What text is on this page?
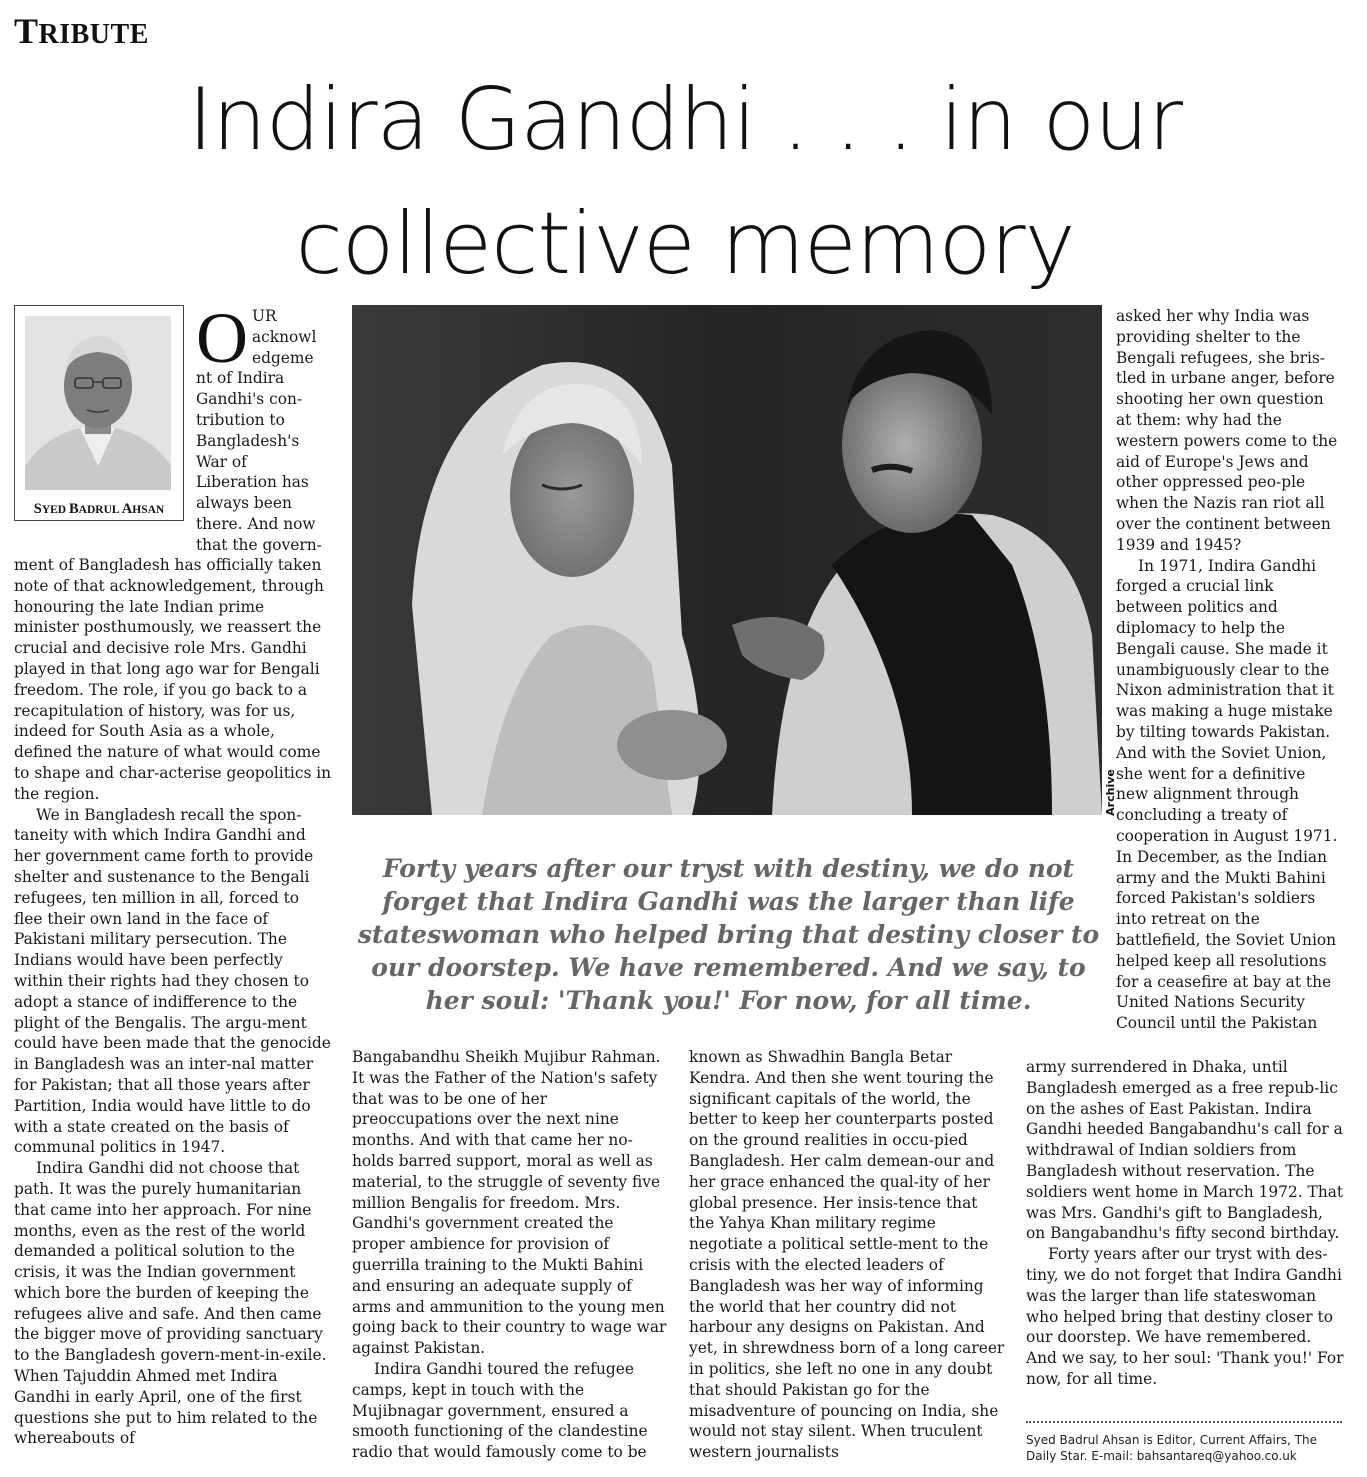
TRIBUTE
Indira Gandhi . . . in our
collective memory
SYED BADRUL AHSAN
O UR
acknowl
edgeme
nt of Indira
Gandhi's con-
tribution to
Bangladesh's
War of
Liberation has
always been
there. And now
that the govern-

ment of Bangladesh has officially taken note of that acknowledgement, through honouring the late Indian prime minister posthumously, we reassert the crucial and decisive role Mrs. Gandhi played in that long ago war for Bengali freedom. The role, if you go back to a recapitulation of history, was for us, indeed for South Asia as a whole, defined the nature of what would come to shape and char-acterise geopolitics in the region.

We in Bangladesh recall the spon-taneity with which Indira Gandhi and her government came forth to provide shelter and sustenance to the Bengali refugees, ten million in all, forced to flee their own land in the face of Pakistani military persecution. The Indians would have been perfectly within their rights had they chosen to adopt a stance of indifference to the plight of the Bengalis. The argu-ment could have been made that the genocide in Bangladesh was an inter-nal matter for Pakistan; that all those years after Partition, India would have little to do with a state created on the basis of communal politics in 1947.

Indira Gandhi did not choose that path. It was the purely humanitarian that came into her approach. For nine months, even as the rest of the world demanded a political solution to the crisis, it was the Indian government which bore the burden of keeping the refugees alive and safe. And then came the bigger move of providing sanctuary to the Bangladesh govern-ment-in-exile. When Tajuddin Ahmed met Indira Gandhi in early April, one of the first questions she put to him related to the whereabouts of

Archive
Forty years after our tryst with destiny, we do not forget that Indira Gandhi was the larger than life stateswoman who helped bring that destiny closer to our doorstep. We have remembered. And we say, to her soul: 'Thank you!' For now, for all time.

Bangabandhu Sheikh Mujibur Rahman. It was the Father of the Nation's safety that was to be one of her preoccupations over the next nine months. And with that came her no-holds barred support, moral as well as material, to the struggle of seventy five million Bengalis for freedom. Mrs. Gandhi's government created the proper ambience for provision of guerrilla training to the Mukti Bahini and ensuring an adequate supply of arms and ammunition to the young men going back to their country to wage war against Pakistan.

Indira Gandhi toured the refugee camps, kept in touch with the Mujibnagar government, ensured a smooth functioning of the clandestine radio that would famously come to be

known as Shwadhin Bangla Betar Kendra. And then she went touring the significant capitals of the world, the better to keep her counterparts posted on the ground realities in occu-pied Bangladesh. Her calm demean-our and her grace enhanced the qual-ity of her global presence. Her insis-tence that the Yahya Khan military regime negotiate a political settle-ment to the crisis with the elected leaders of Bangladesh was her way of informing the world that her country did not harbour any designs on Pakistan. And yet, in shrewdness born of a long career in politics, she left no one in any doubt that should Pakistan go for the misadventure of pouncing on India, she would not stay silent. When truculent western journalists

asked her why India was providing shelter to the Bengali refugees, she bris-tled in urbane anger, before shooting her own question at them: why had the western powers come to the aid of Europe's Jews and other oppressed peo-ple when the Nazis ran riot all over the continent between 1939 and 1945?

In 1971, Indira Gandhi forged a crucial link between politics and diplomacy to help the Bengali cause. She made it unambiguously clear to the Nixon administration that it was making a huge mistake by tilting towards Pakistan. And with the Soviet Union, she went for a definitive new alignment through concluding a treaty of cooperation in August 1971. In December, as the Indian army and the Mukti Bahini forced Pakistan's soldiers into retreat on the battlefield, the Soviet Union helped keep all resolutions for a ceasefire at bay at the United Nations Security Council until the Pakistan

army surrendered in Dhaka, until Bangladesh emerged as a free repub-lic on the ashes of East Pakistan. Indira Gandhi heeded Bangabandhu's call for a withdrawal of Indian soldiers from Bangladesh without reservation. The soldiers went home in March 1972. That was Mrs. Gandhi's gift to Bangladesh, on Bangabandhu's fifty second birthday.

Forty years after our tryst with des-tiny, we do not forget that Indira Gandhi was the larger than life stateswoman who helped bring that destiny closer to our doorstep. We have remembered. And we say, to her soul: 'Thank you!' For now, for all time.

Syed Badrul Ahsan is Editor, Current Affairs, The Daily Star. E-mail: bahsantareq@yahoo.co.uk
